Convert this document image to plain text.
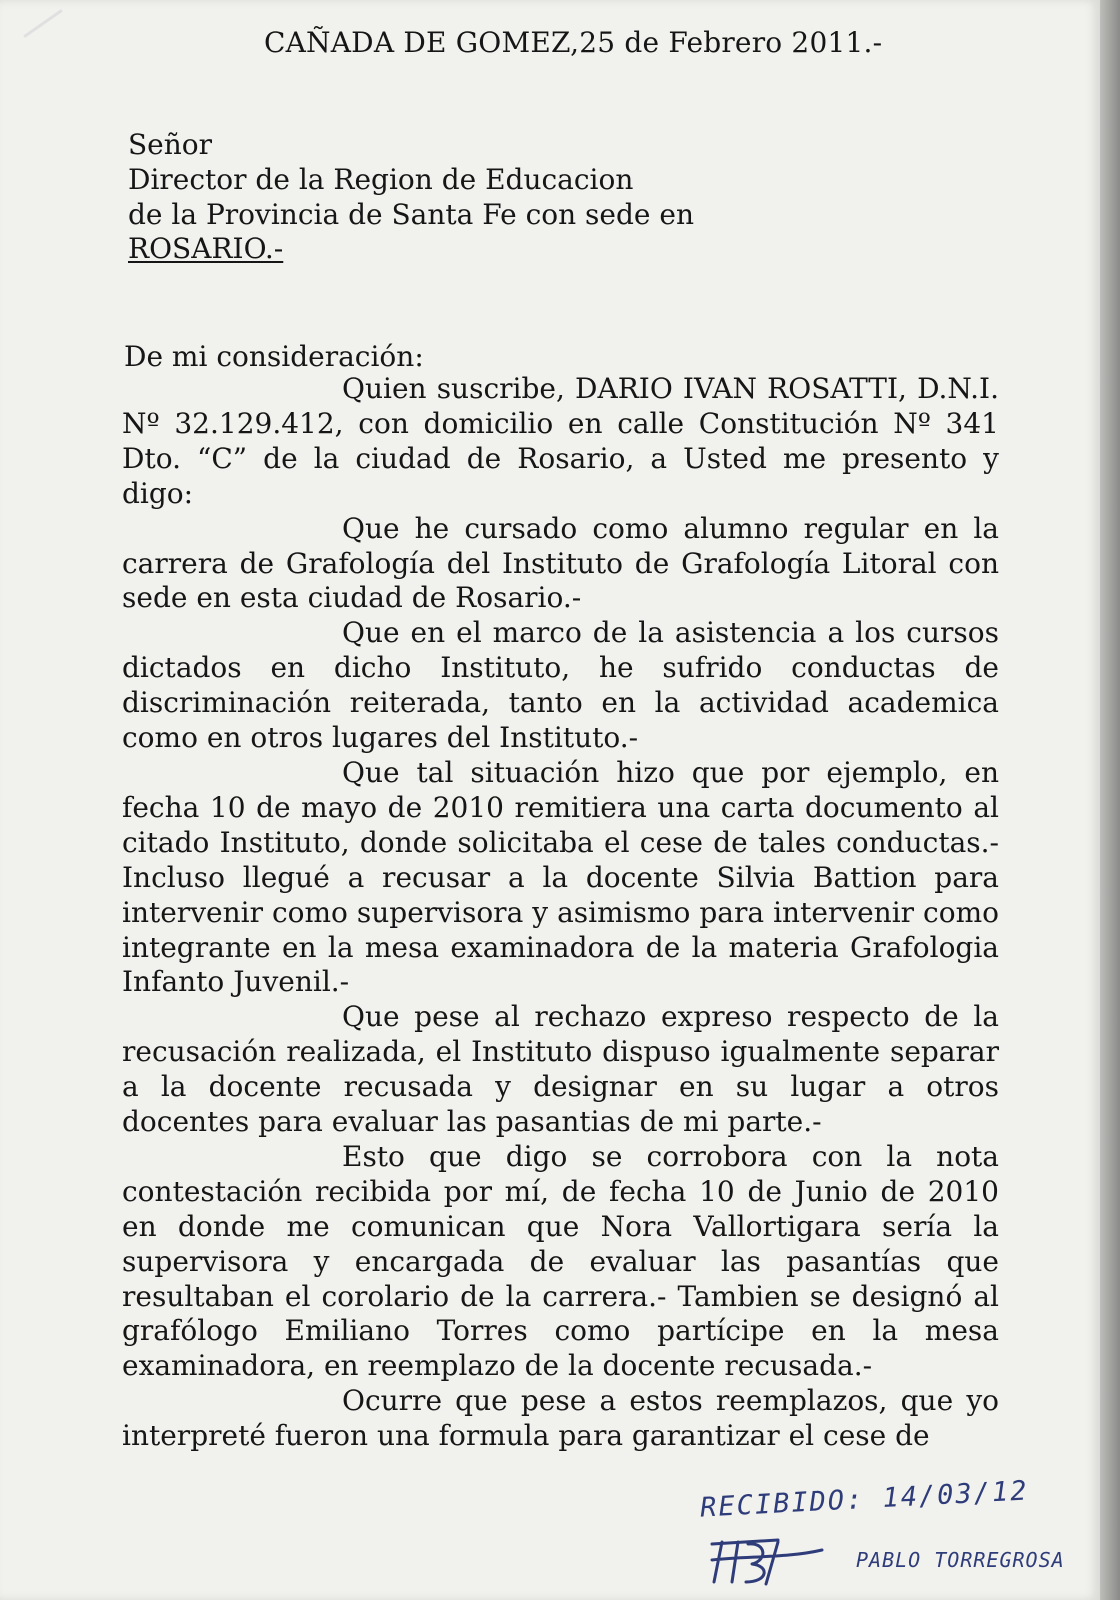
CAÑADA DE GOMEZ,25 de Febrero 2011.-
Señor
Director de la Region de Educacion
de la Provincia de Santa Fe con sede en
ROSARIO.-
De mi consideración:

Quien suscribe, DARIO IVAN ROSATTI, D.N.I. Nº 32.129.412, con domicilio en calle Constitución Nº 341 Dto. “C” de la ciudad de Rosario, a Usted me presento y digo:

Que he cursado como alumno regular en la carrera de Grafología del Instituto de Grafología Litoral con sede en esta ciudad de Rosario.-

Que en el marco de la asistencia a los cursos dictados en dicho Instituto, he sufrido conductas de discriminación reiterada, tanto en la actividad academica como en otros lugares del Instituto.-

Que tal situación hizo que por ejemplo, en fecha 10 de mayo de 2010 remitiera una carta documento al citado Instituto, donde solicitaba el cese de tales conductas.- Incluso llegué a recusar a la docente Silvia Battion para intervenir como supervisora y asimismo para intervenir como integrante en la mesa examinadora de la materia Grafologia Infanto Juvenil.-

Que pese al rechazo expreso respecto de la recusación realizada, el Instituto dispuso igualmente separar a la docente recusada y designar en su lugar a otros docentes para evaluar las pasantias de mi parte.-

Esto que digo se corrobora con la nota contestación recibida por mí, de fecha 10 de Junio de 2010 en donde me comunican que Nora Vallortigara sería la supervisora y encargada de evaluar las pasantías que resultaban el corolario de la carrera.- Tambien se designó al grafólogo Emiliano Torres como partícipe en la mesa examinadora, en reemplazo de la docente recusada.-

Ocurre que pese a estos reemplazos, que yo interpreté fueron una formula para garantizar el cese de

RECIBIDO: 14/03/12
PABLO TORREGROSA
